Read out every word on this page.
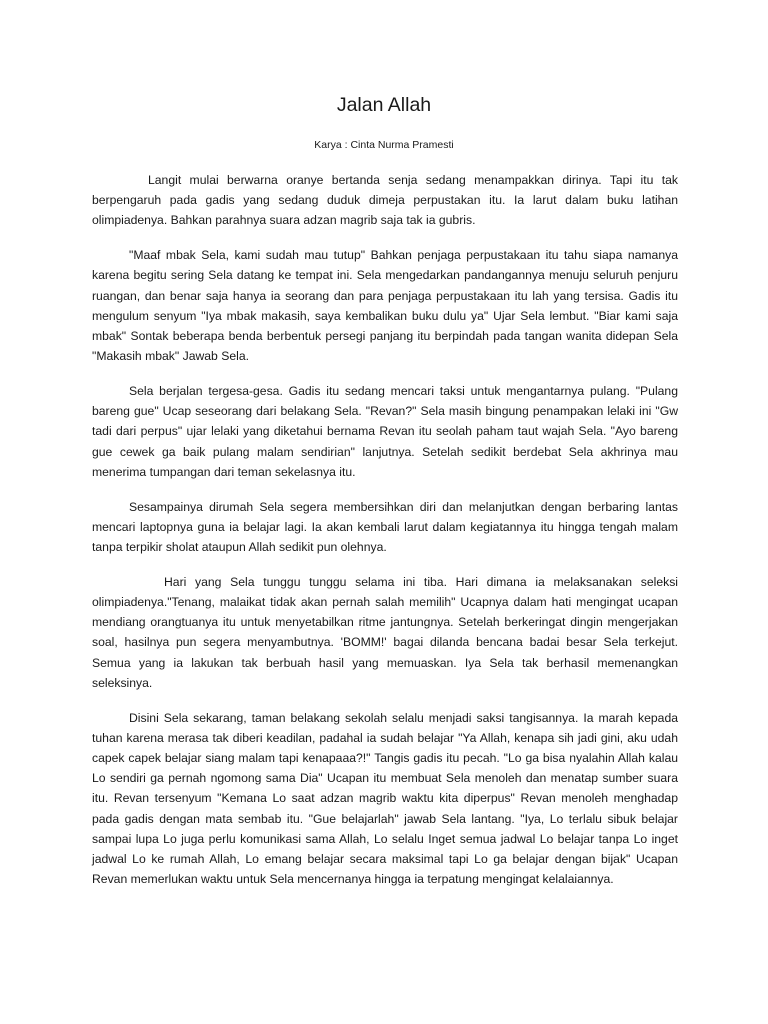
Jalan Allah

Karya : Cinta Nurma Pramesti

Langit mulai berwarna oranye bertanda senja sedang menampakkan dirinya. Tapi itu tak berpengaruh pada gadis yang sedang duduk dimeja perpustakan itu. Ia larut dalam buku latihan olimpiadenya. Bahkan parahnya suara adzan magrib saja tak ia gubris.

"Maaf mbak Sela, kami sudah mau tutup" Bahkan penjaga perpustakaan itu tahu siapa namanya karena begitu sering Sela datang ke tempat ini. Sela mengedarkan pandangannya menuju seluruh penjuru ruangan, dan benar saja hanya ia seorang dan para penjaga perpustakaan itu lah yang tersisa. Gadis itu mengulum senyum "Iya mbak makasih, saya kembalikan buku dulu ya" Ujar Sela lembut. "Biar kami saja mbak" Sontak beberapa benda berbentuk persegi panjang itu berpindah pada tangan wanita didepan Sela "Makasih mbak" Jawab Sela.

Sela berjalan tergesa-gesa. Gadis itu sedang mencari taksi untuk mengantarnya pulang. "Pulang bareng gue" Ucap seseorang dari belakang Sela. "Revan?" Sela masih bingung penampakan lelaki ini "Gw tadi dari perpus" ujar lelaki yang diketahui bernama Revan itu seolah paham taut wajah Sela. "Ayo bareng gue cewek ga baik pulang malam sendirian" lanjutnya. Setelah sedikit berdebat Sela akhrinya mau menerima tumpangan dari teman sekelasnya itu.

Sesampainya dirumah Sela segera membersihkan diri dan melanjutkan dengan berbaring lantas mencari laptopnya guna ia belajar lagi. Ia akan kembali larut dalam kegiatannya itu hingga tengah malam tanpa terpikir sholat ataupun Allah sedikit pun olehnya.

Hari yang Sela tunggu tunggu selama ini tiba. Hari dimana ia melaksanakan seleksi olimpiadenya."Tenang, malaikat tidak akan pernah salah memilih" Ucapnya dalam hati mengingat ucapan mendiang orangtuanya itu untuk menyetabilkan ritme jantungnya. Setelah berkeringat dingin mengerjakan soal, hasilnya pun segera menyambutnya. 'BOMM!' bagai dilanda bencana badai besar Sela terkejut. Semua yang ia lakukan tak berbuah hasil yang memuaskan. Iya Sela tak berhasil memenangkan seleksinya.

Disini Sela sekarang, taman belakang sekolah selalu menjadi saksi tangisannya. Ia marah kepada tuhan karena merasa tak diberi keadilan, padahal ia sudah belajar "Ya Allah, kenapa sih jadi gini, aku udah capek capek belajar siang malam tapi kenapaaa?!" Tangis gadis itu pecah. "Lo ga bisa nyalahin Allah kalau Lo sendiri ga pernah ngomong sama Dia" Ucapan itu membuat Sela menoleh dan menatap sumber suara itu. Revan tersenyum "Kemana Lo saat adzan magrib waktu kita diperpus" Revan menoleh menghadap pada gadis dengan mata sembab itu. "Gue belajarlah" jawab Sela lantang. "Iya, Lo terlalu sibuk belajar sampai lupa Lo juga perlu komunikasi sama Allah, Lo selalu Inget semua jadwal Lo belajar tanpa Lo inget jadwal Lo ke rumah Allah, Lo emang belajar secara maksimal tapi Lo ga belajar dengan bijak" Ucapan Revan memerlukan waktu untuk Sela mencernanya hingga ia terpatung mengingat kelalaiannya.
